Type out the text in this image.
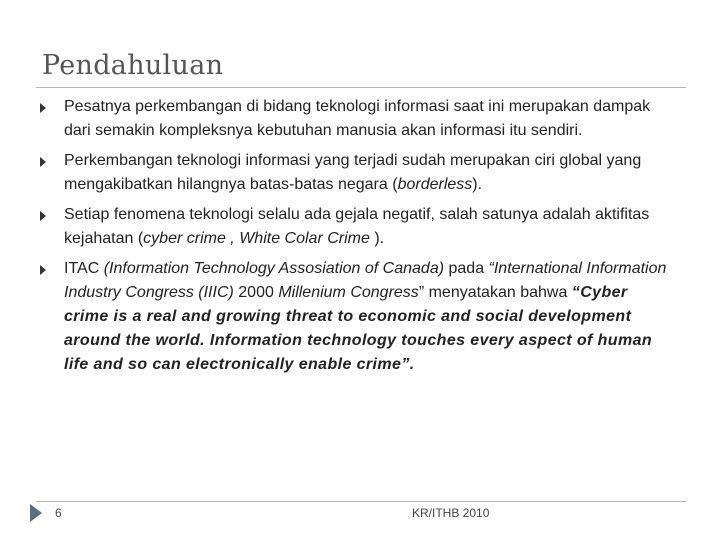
Pendahuluan
Pesatnya perkembangan di bidang teknologi informasi saat ini merupakan dampak dari semakin kompleksnya kebutuhan manusia akan informasi itu sendiri.
Perkembangan teknologi informasi yang terjadi sudah merupakan ciri global yang mengakibatkan hilangnya batas-batas negara (borderless).
Setiap fenomena teknologi selalu ada gejala negatif, salah satunya adalah aktifitas kejahatan (cyber crime , White Colar Crime ).
ITAC (Information Technology Assosiation of Canada) pada “International Information Industry Congress (IIIC) 2000 Millenium Congress” menyatakan bahwa “Cyber crime is a real and growing threat to economic and social development around the world. Information technology touches every aspect of human life and so can electronically enable crime”.
6	KR/ITHB 2010
